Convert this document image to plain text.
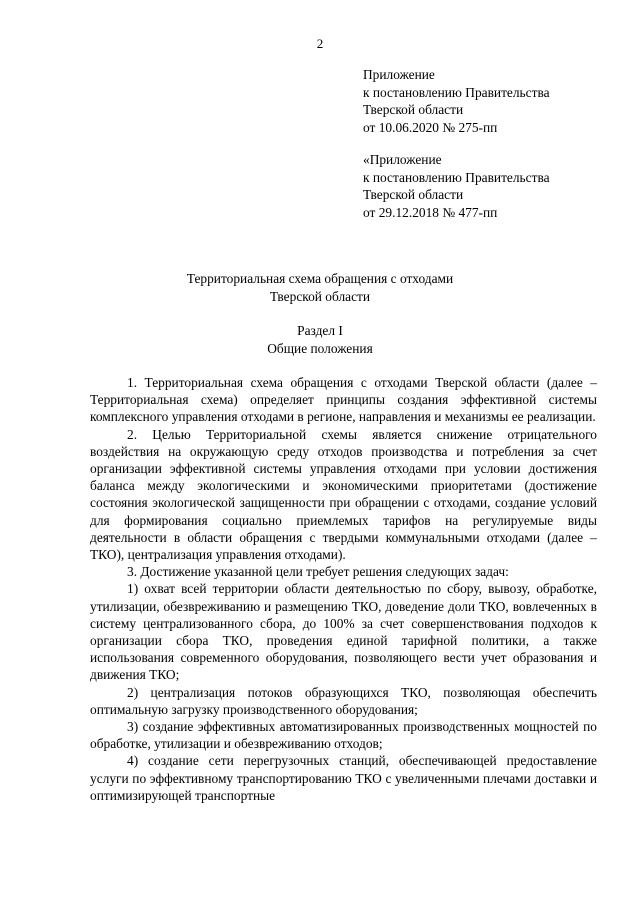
2
Приложение
к постановлению Правительства
Тверской области
от 10.06.2020 № 275-пп
«Приложение
к постановлению Правительства
Тверской области
от 29.12.2018 № 477-пп
Территориальная схема обращения с отходами
Тверской области
Раздел I
Общие положения

1. Территориальная схема обращения с отходами Тверской области (далее – Территориальная схема) определяет принципы создания эффективной системы комплексного управления отходами в регионе, направления и механизмы ее реализации.

2. Целью Территориальной схемы является снижение отрицательного воздействия на окружающую среду отходов производства и потребления за счет организации эффективной системы управления отходами при условии достижения баланса между экологическими и экономическими приоритетами (достижение состояния экологической защищенности при обращении с отходами, создание условий для формирования социально приемлемых тарифов на регулируемые виды деятельности в области обращения с твердыми коммунальными отходами (далее – ТКО), централизация управления отходами).

3. Достижение указанной цели требует решения следующих задач:

1) охват всей территории области деятельностью по сбору, вывозу, обработке, утилизации, обезвреживанию и размещению ТКО, доведение доли ТКО, вовлеченных в систему централизованного сбора, до 100% за счет совершенствования подходов к организации сбора ТКО, проведения единой тарифной политики, а также использования современного оборудования, позволяющего вести учет образования и движения ТКО;

2) централизация потоков образующихся ТКО, позволяющая обеспечить оптимальную загрузку производственного оборудования;

3) создание эффективных автоматизированных производственных мощностей по обработке, утилизации и обезвреживанию отходов;

4) создание сети перегрузочных станций, обеспечивающей предоставление услуги по эффективному транспортированию ТКО с увеличенными плечами доставки и оптимизирующей транспортные
